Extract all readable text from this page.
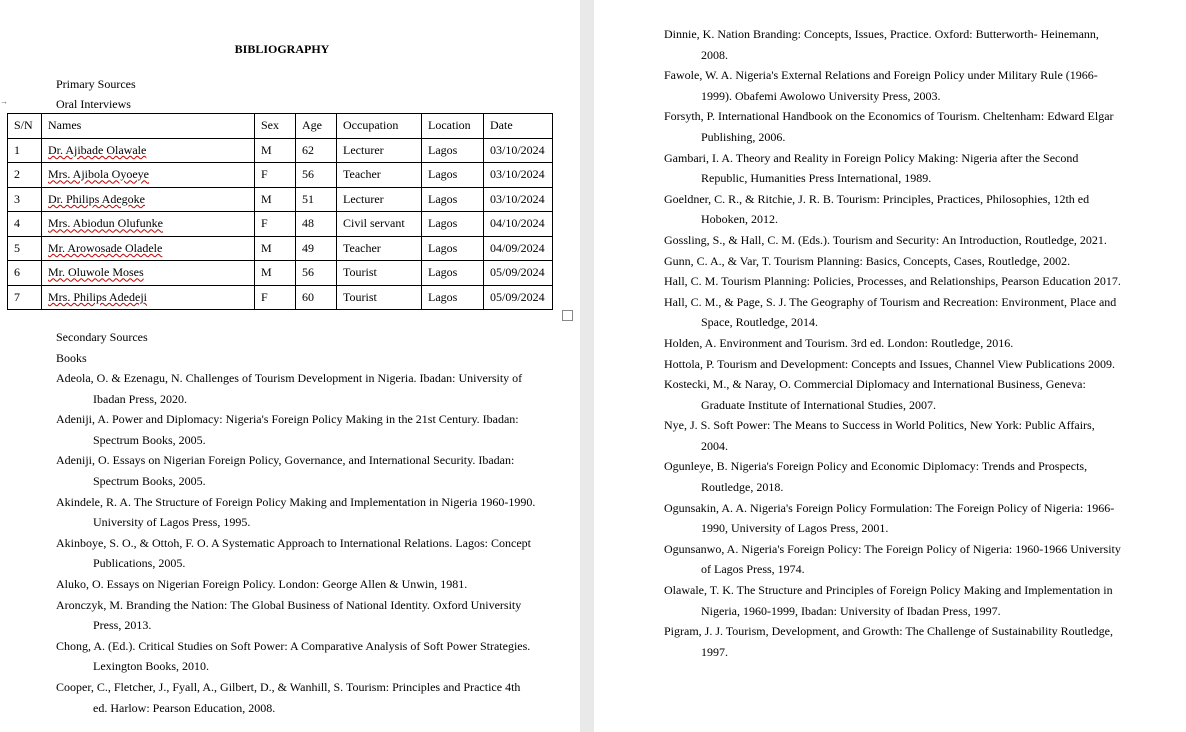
→
BIBLIOGRAPHY
Primary Sources
Oral Interviews
S/N	Names	Sex	Age	Occupation	Location	Date
1	Dr. Ajibade Olawale	M	62	Lecturer	Lagos	03/10/2024
2	Mrs. Ajibola Oyoeye	F	56	Teacher	Lagos	03/10/2024
3	Dr. Philips Adegoke	M	51	Lecturer	Lagos	03/10/2024
4	Mrs. Abiodun Olufunke	F	48	Civil servant	Lagos	04/10/2024
5	Mr. Arowosade Oladele	M	49	Teacher	Lagos	04/09/2024
6	Mr. Oluwole Moses	M	56	Tourist	Lagos	05/09/2024
7	Mrs. Philips Adedeji	F	60	Tourist	Lagos	05/09/2024
Secondary Sources
Books

Adeola, O. & Ezenagu, N. Challenges of Tourism Development in Nigeria. Ibadan: University of Ibadan Press, 2020.

Adeniji, A. Power and Diplomacy: Nigeria's Foreign Policy Making in the 21st Century. Ibadan: Spectrum Books, 2005.

Adeniji, O. Essays on Nigerian Foreign Policy, Governance, and International Security. Ibadan: Spectrum Books, 2005.

Akindele, R. A. The Structure of Foreign Policy Making and Implementation in Nigeria 1960-1990. University of Lagos Press, 1995.

Akinboye, S. O., & Ottoh, F. O. A Systematic Approach to International Relations. Lagos: Concept Publications, 2005.

Aluko, O. Essays on Nigerian Foreign Policy. London: George Allen & Unwin, 1981.

Aronczyk, M. Branding the Nation: The Global Business of National Identity. Oxford University Press, 2013.

Chong, A. (Ed.). Critical Studies on Soft Power: A Comparative Analysis of Soft Power Strategies. Lexington Books, 2010.

Cooper, C., Fletcher, J., Fyall, A., Gilbert, D., & Wanhill, S. Tourism: Principles and Practice 4th ed. Harlow: Pearson Education, 2008.

Dinnie, K. Nation Branding: Concepts, Issues, Practice. Oxford: Butterworth- Heinemann, 2008.

Fawole, W. A. Nigeria's External Relations and Foreign Policy under Military Rule (1966-1999). Obafemi Awolowo University Press, 2003.

Forsyth, P. International Handbook on the Economics of Tourism. Cheltenham: Edward Elgar Publishing, 2006.

Gambari, I. A. Theory and Reality in Foreign Policy Making: Nigeria after the Second Republic, Humanities Press International, 1989.

Goeldner, C. R., & Ritchie, J. R. B. Tourism: Principles, Practices, Philosophies, 12th ed Hoboken, 2012.

Gossling, S., & Hall, C. M. (Eds.). Tourism and Security: An Introduction, Routledge, 2021.

Gunn, C. A., & Var, T. Tourism Planning: Basics, Concepts, Cases, Routledge, 2002.

Hall, C. M. Tourism Planning: Policies, Processes, and Relationships, Pearson Education 2017.

Hall, C. M., & Page, S. J. The Geography of Tourism and Recreation: Environment, Place and Space, Routledge, 2014.

Holden, A. Environment and Tourism. 3rd ed. London: Routledge, 2016.

Hottola, P. Tourism and Development: Concepts and Issues, Channel View Publications 2009.

Kostecki, M., & Naray, O. Commercial Diplomacy and International Business, Geneva: Graduate Institute of International Studies, 2007.

Nye, J. S. Soft Power: The Means to Success in World Politics, New York: Public Affairs, 2004.

Ogunleye, B. Nigeria's Foreign Policy and Economic Diplomacy: Trends and Prospects, Routledge, 2018.

Ogunsakin, A. A. Nigeria's Foreign Policy Formulation: The Foreign Policy of Nigeria: 1966-1990, University of Lagos Press, 2001.

Ogunsanwo, A. Nigeria's Foreign Policy: The Foreign Policy of Nigeria: 1960-1966 University of Lagos Press, 1974.

Olawale, T. K. The Structure and Principles of Foreign Policy Making and Implementation in Nigeria, 1960-1999, Ibadan: University of Ibadan Press, 1997.

Pigram, J. J. Tourism, Development, and Growth: The Challenge of Sustainability Routledge, 1997.
